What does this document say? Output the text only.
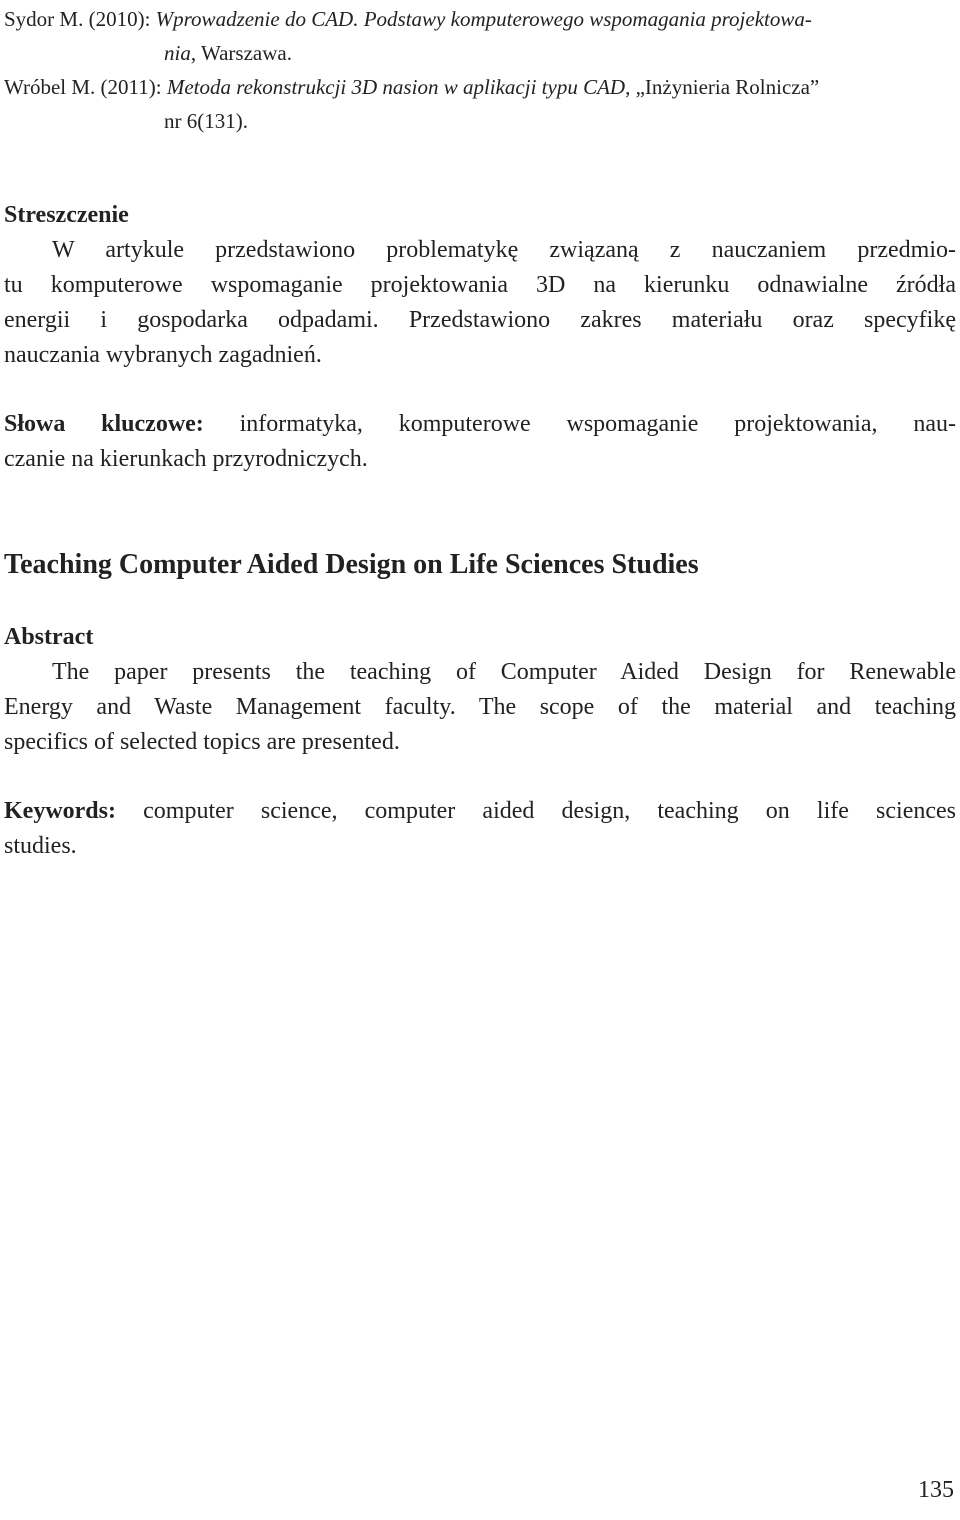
Sydor M. (2010): Wprowadzenie do CAD. Podstawy komputerowego wspomagania projektowa-
nia, Warszawa.
Wróbel M. (2011): Metoda rekonstrukcji 3D nasion w aplikacji typu CAD, „Inżynieria Rolnicza”
nr 6(131).
Streszczenie
W artykule przedstawiono problematykę związaną z nauczaniem przedmio-
tu komputerowe wspomaganie projektowania 3D na kierunku odnawialne źródła
energii i gospodarka odpadami. Przedstawiono zakres materiału oraz specyfikę
nauczania wybranych zagadnień.
Słowa kluczowe: informatyka, komputerowe wspomaganie projektowania, nau-
czanie na kierunkach przyrodniczych.
Teaching Computer Aided Design on Life Sciences Studies
Abstract
The paper presents the teaching of Computer Aided Design for Renewable
Energy and Waste Management faculty. The scope of the material and teaching
specifics of selected topics are presented.
Keywords: computer science, computer aided design, teaching on life sciences
studies.
135
